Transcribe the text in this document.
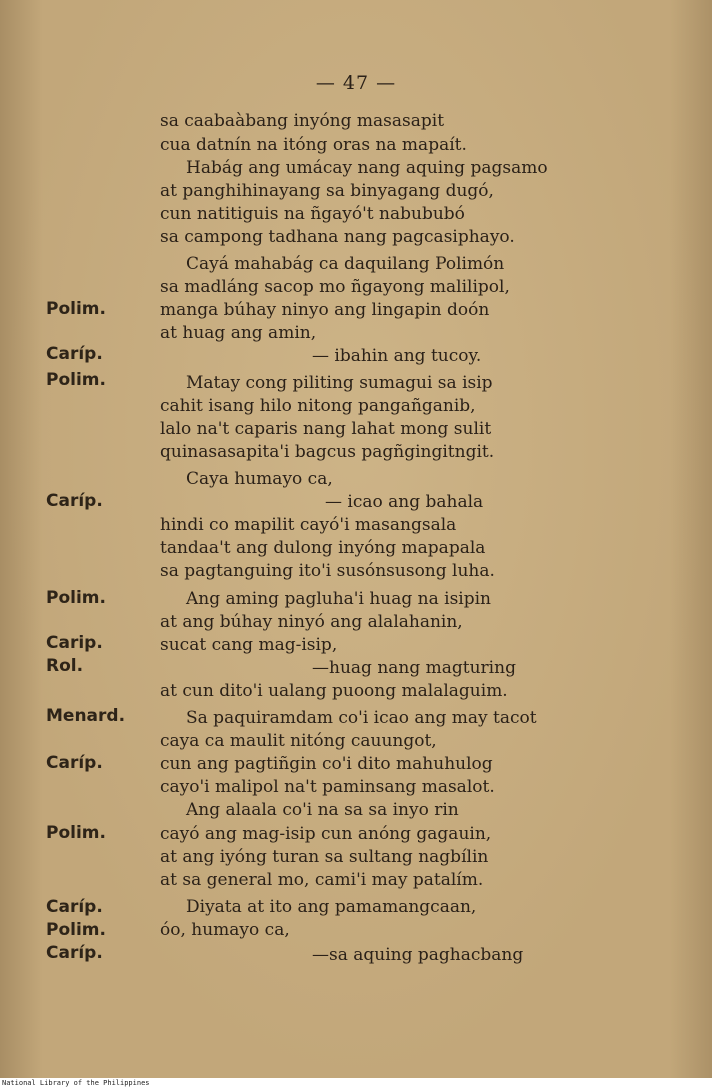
— 47 —
sa caabaàbang inyóng masasapit
cua datnín na itóng oras na mapaít.
Habág ang umácay nang aquing pagsamo
at panghihinayang sa binyagang dugó,
cun natitiguis na ñgayó't nabububó
sa campong tadhana nang pagcasiphayo.
Cayá mahabág ca daquilang Polimón
sa madláng sacop mo ñgayong malilipol,
manga búhay ninyo ang lingapin doón
at huag ang amin,
— ibahin ang tucoy.
Matay cong piliting sumagui sa isip
cahit isang hilo nitong pangañganib,
lalo na't caparis nang lahat mong sulit
quinasasapita'i bagcus pagñgingitngit.
Caya humayo ca,
— icao ang bahala
hindi co mapilit cayó'i masangsala
tandaa't ang dulong inyóng mapapala
sa pagtanguing ito'i susónsusong luha.
Ang aming pagluha'i huag na isipin
at ang búhay ninyó ang alalahanin,
sucat cang mag-isip,
—huag nang magturing
at cun dito'i ualang puoong malalaguim.
Sa paquiramdam co'i icao ang may tacot
caya ca maulit nitóng cauungot,
cun ang pagtiñgin co'i dito mahuhulog
cayo'i malipol na't paminsang masalot.
Ang alaala co'i na sa sa inyo rin
cayó ang mag-isip cun anóng gagauin,
at ang iyóng turan sa sultang nagbílin
at sa general mo, cami'i may patalím.
Diyata at ito ang pamamangcaan,
óo, humayo ca,
—sa aquing paghacbang
Polim.
Caríp.
Polim.
Caríp.
Polim.
Carip.
Rol.
Menard.
Caríp.
Polim.
Caríp.
Polim.
Caríp.
National Library of the Philippines
